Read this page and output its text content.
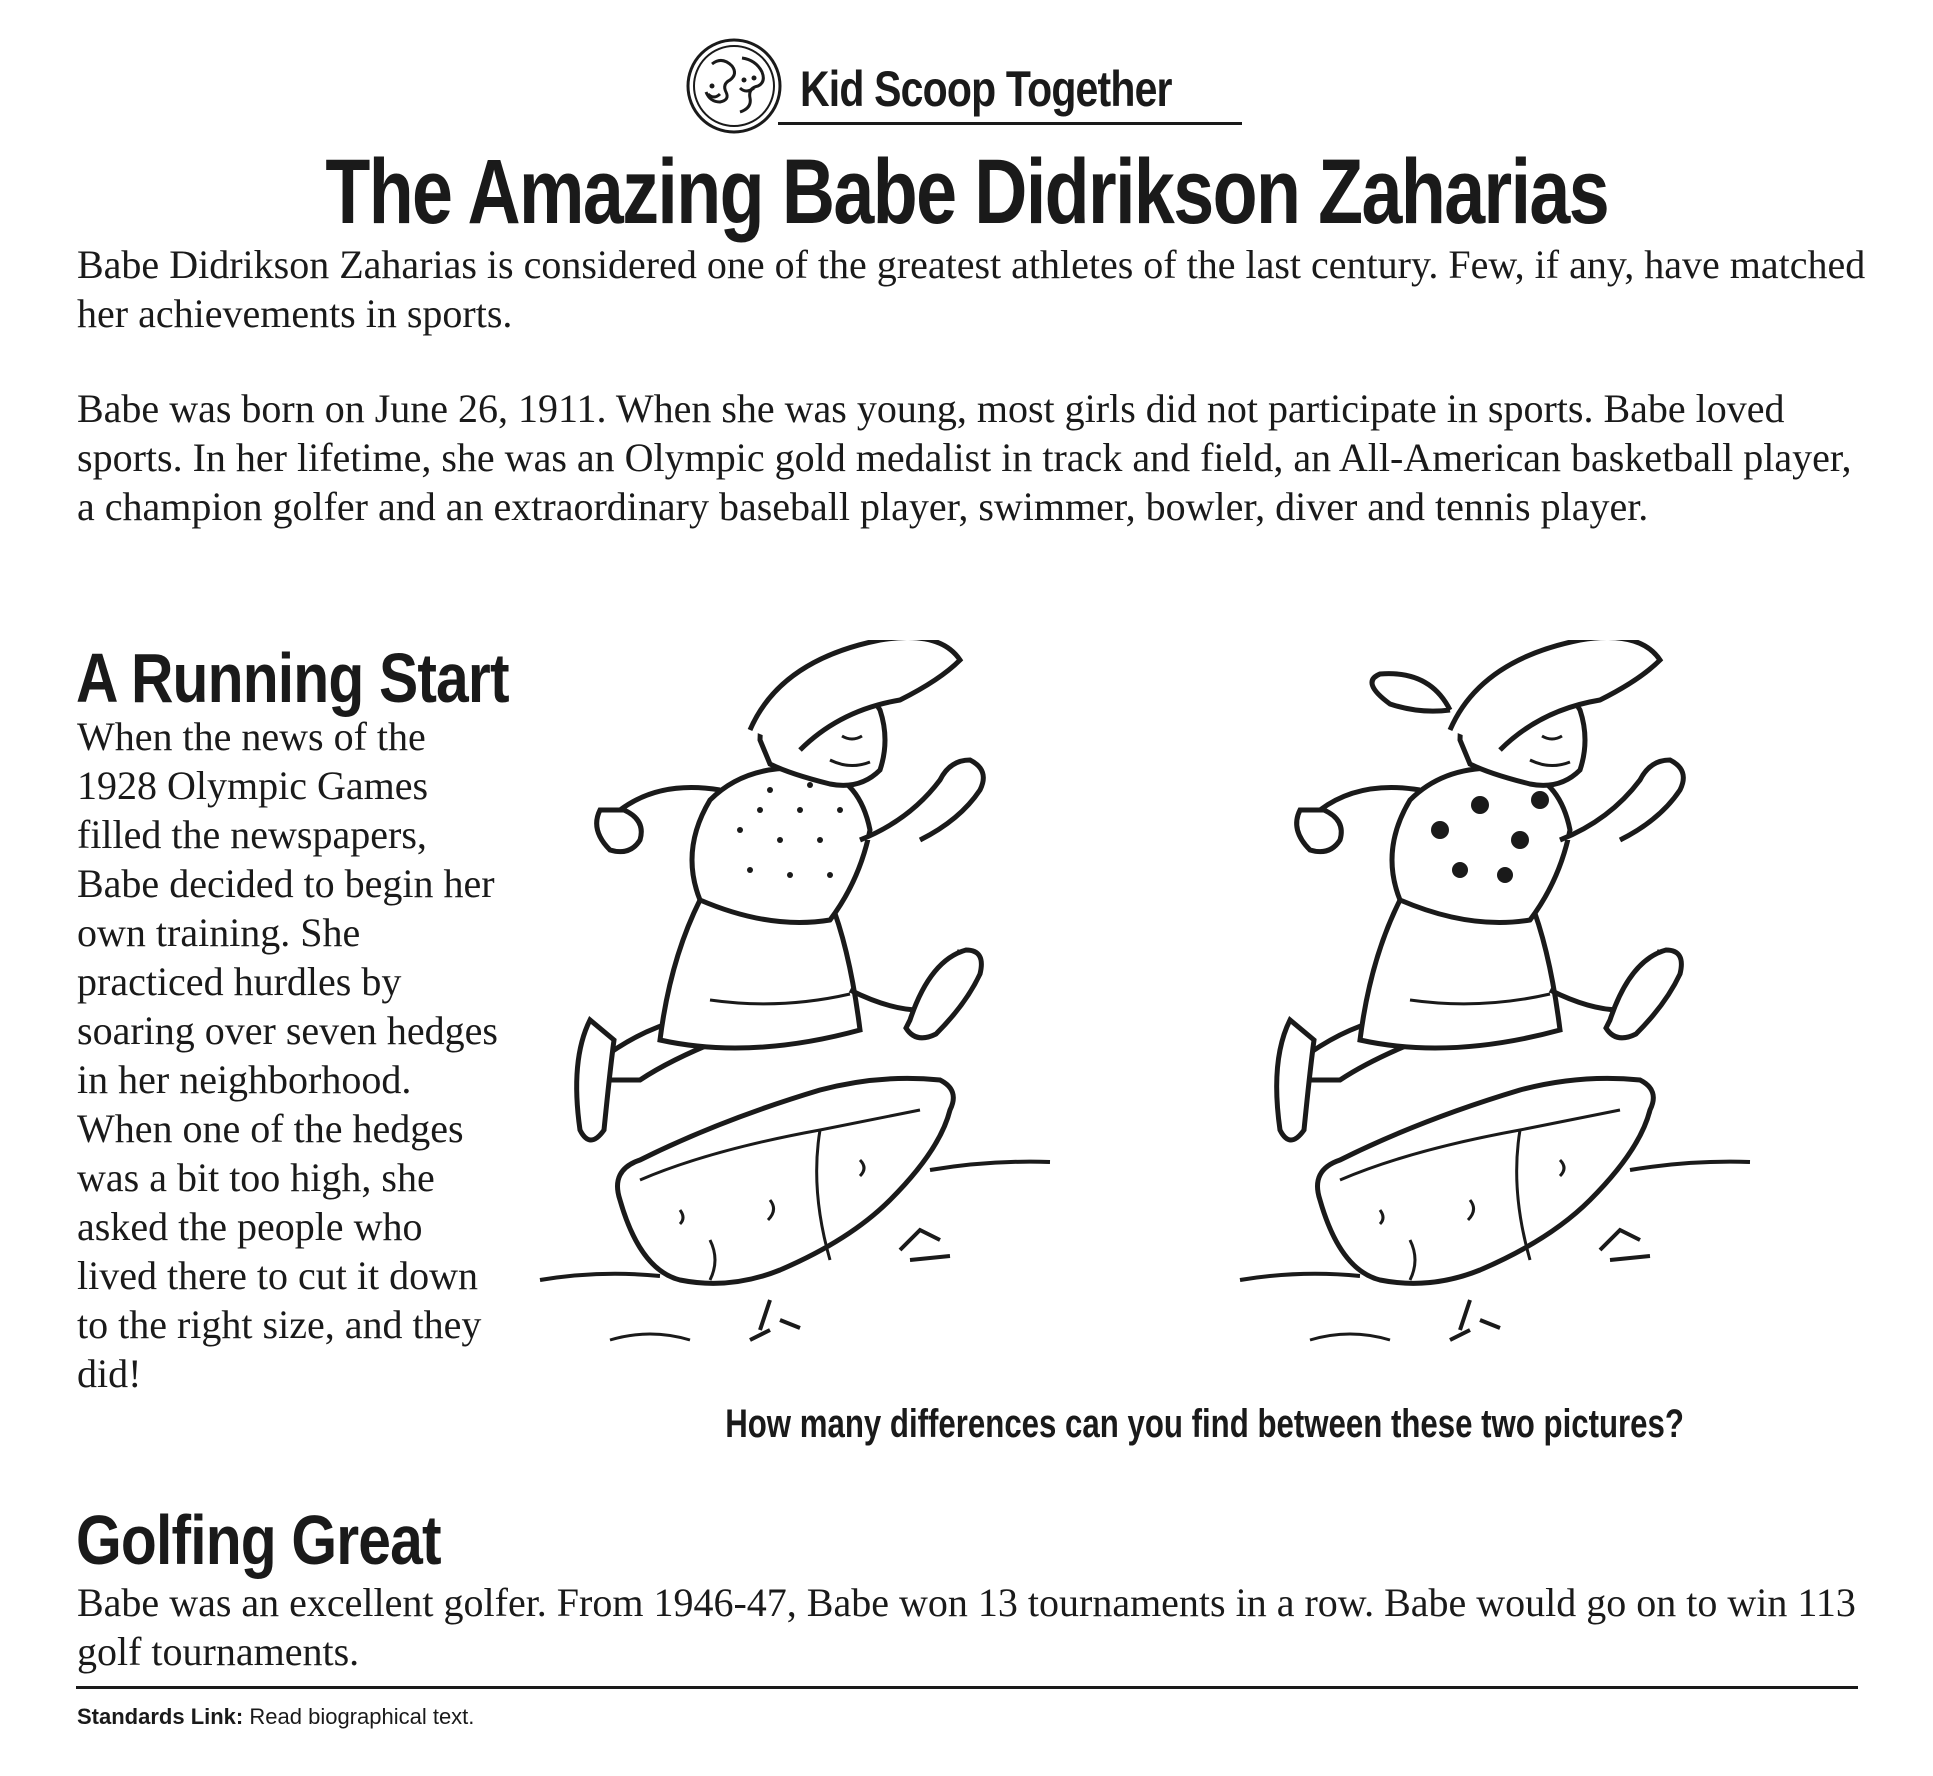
Kid Scoop Together
The Amazing Babe Didrikson Zaharias
Babe Didrikson Zaharias is considered one of the greatest athletes of the last century. Few, if any, have matched her achievements in sports.
Babe was born on June 26, 1911. When she was young, most girls did not participate in sports. Babe loved sports. In her lifetime, she was an Olympic gold medalist in track and field, an All-American basketball player, a champion golfer and an extraordinary baseball player, swimmer, bowler, diver and tennis player.
A Running Start
When the news of the 1928 Olympic Games filled the newspapers, Babe decided to begin her own training. She practiced hurdles by soaring over seven hedges in her neighborhood. When one of the hedges was a bit too high, she asked the people who lived there to cut it down to the right size, and they did!
How many differences can you find between these two pictures?
Golfing Great
Babe was an excellent golfer. From 1946-47, Babe won 13 tournaments in a row. Babe would go on to win 113 golf tournaments.
Standards Link: Read biographical text.
